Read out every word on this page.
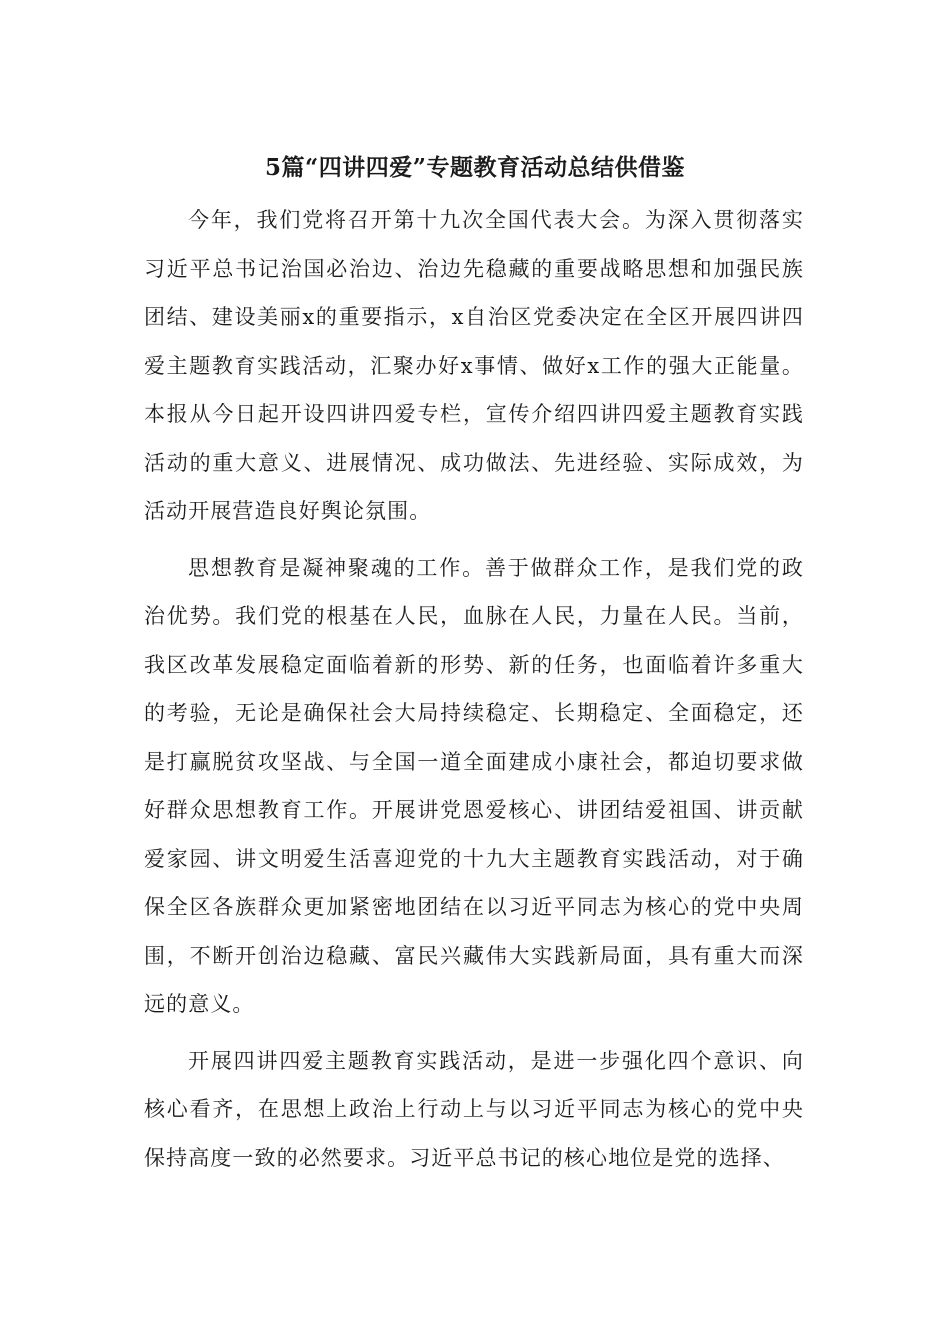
5篇“四讲四爱”专题教育活动总结供借鉴

今年，我们党将召开第十九次全国代表大会。为深入贯彻落实习近平总书记治国必治边、治边先稳藏的重要战略思想和加强民族团结、建设美丽x的重要指示，x自治区党委决定在全区开展四讲四爱主题教育实践活动，汇聚办好x事情、做好x工作的强大正能量。本报从今日起开设四讲四爱专栏，宣传介绍四讲四爱主题教育实践活动的重大意义、进展情况、成功做法、先进经验、实际成效，为活动开展营造良好舆论氛围。

思想教育是凝神聚魂的工作。善于做群众工作，是我们党的政治优势。我们党的根基在人民，血脉在人民，力量在人民。当前，我区改革发展稳定面临着新的形势、新的任务，也面临着许多重大的考验，无论是确保社会大局持续稳定、长期稳定、全面稳定，还是打赢脱贫攻坚战、与全国一道全面建成小康社会，都迫切要求做好群众思想教育工作。开展讲党恩爱核心、讲团结爱祖国、讲贡献爱家园、讲文明爱生活喜迎党的十九大主题教育实践活动，对于确保全区各族群众更加紧密地团结在以习近平同志为核心的党中央周围，不断开创治边稳藏、富民兴藏伟大实践新局面，具有重大而深远的意义。

开展四讲四爱主题教育实践活动，是进一步强化四个意识、向核心看齐，在思想上政治上行动上与以习近平同志为核心的党中央保持高度一致的必然要求。习近平总书记的核心地位是党的选择、
